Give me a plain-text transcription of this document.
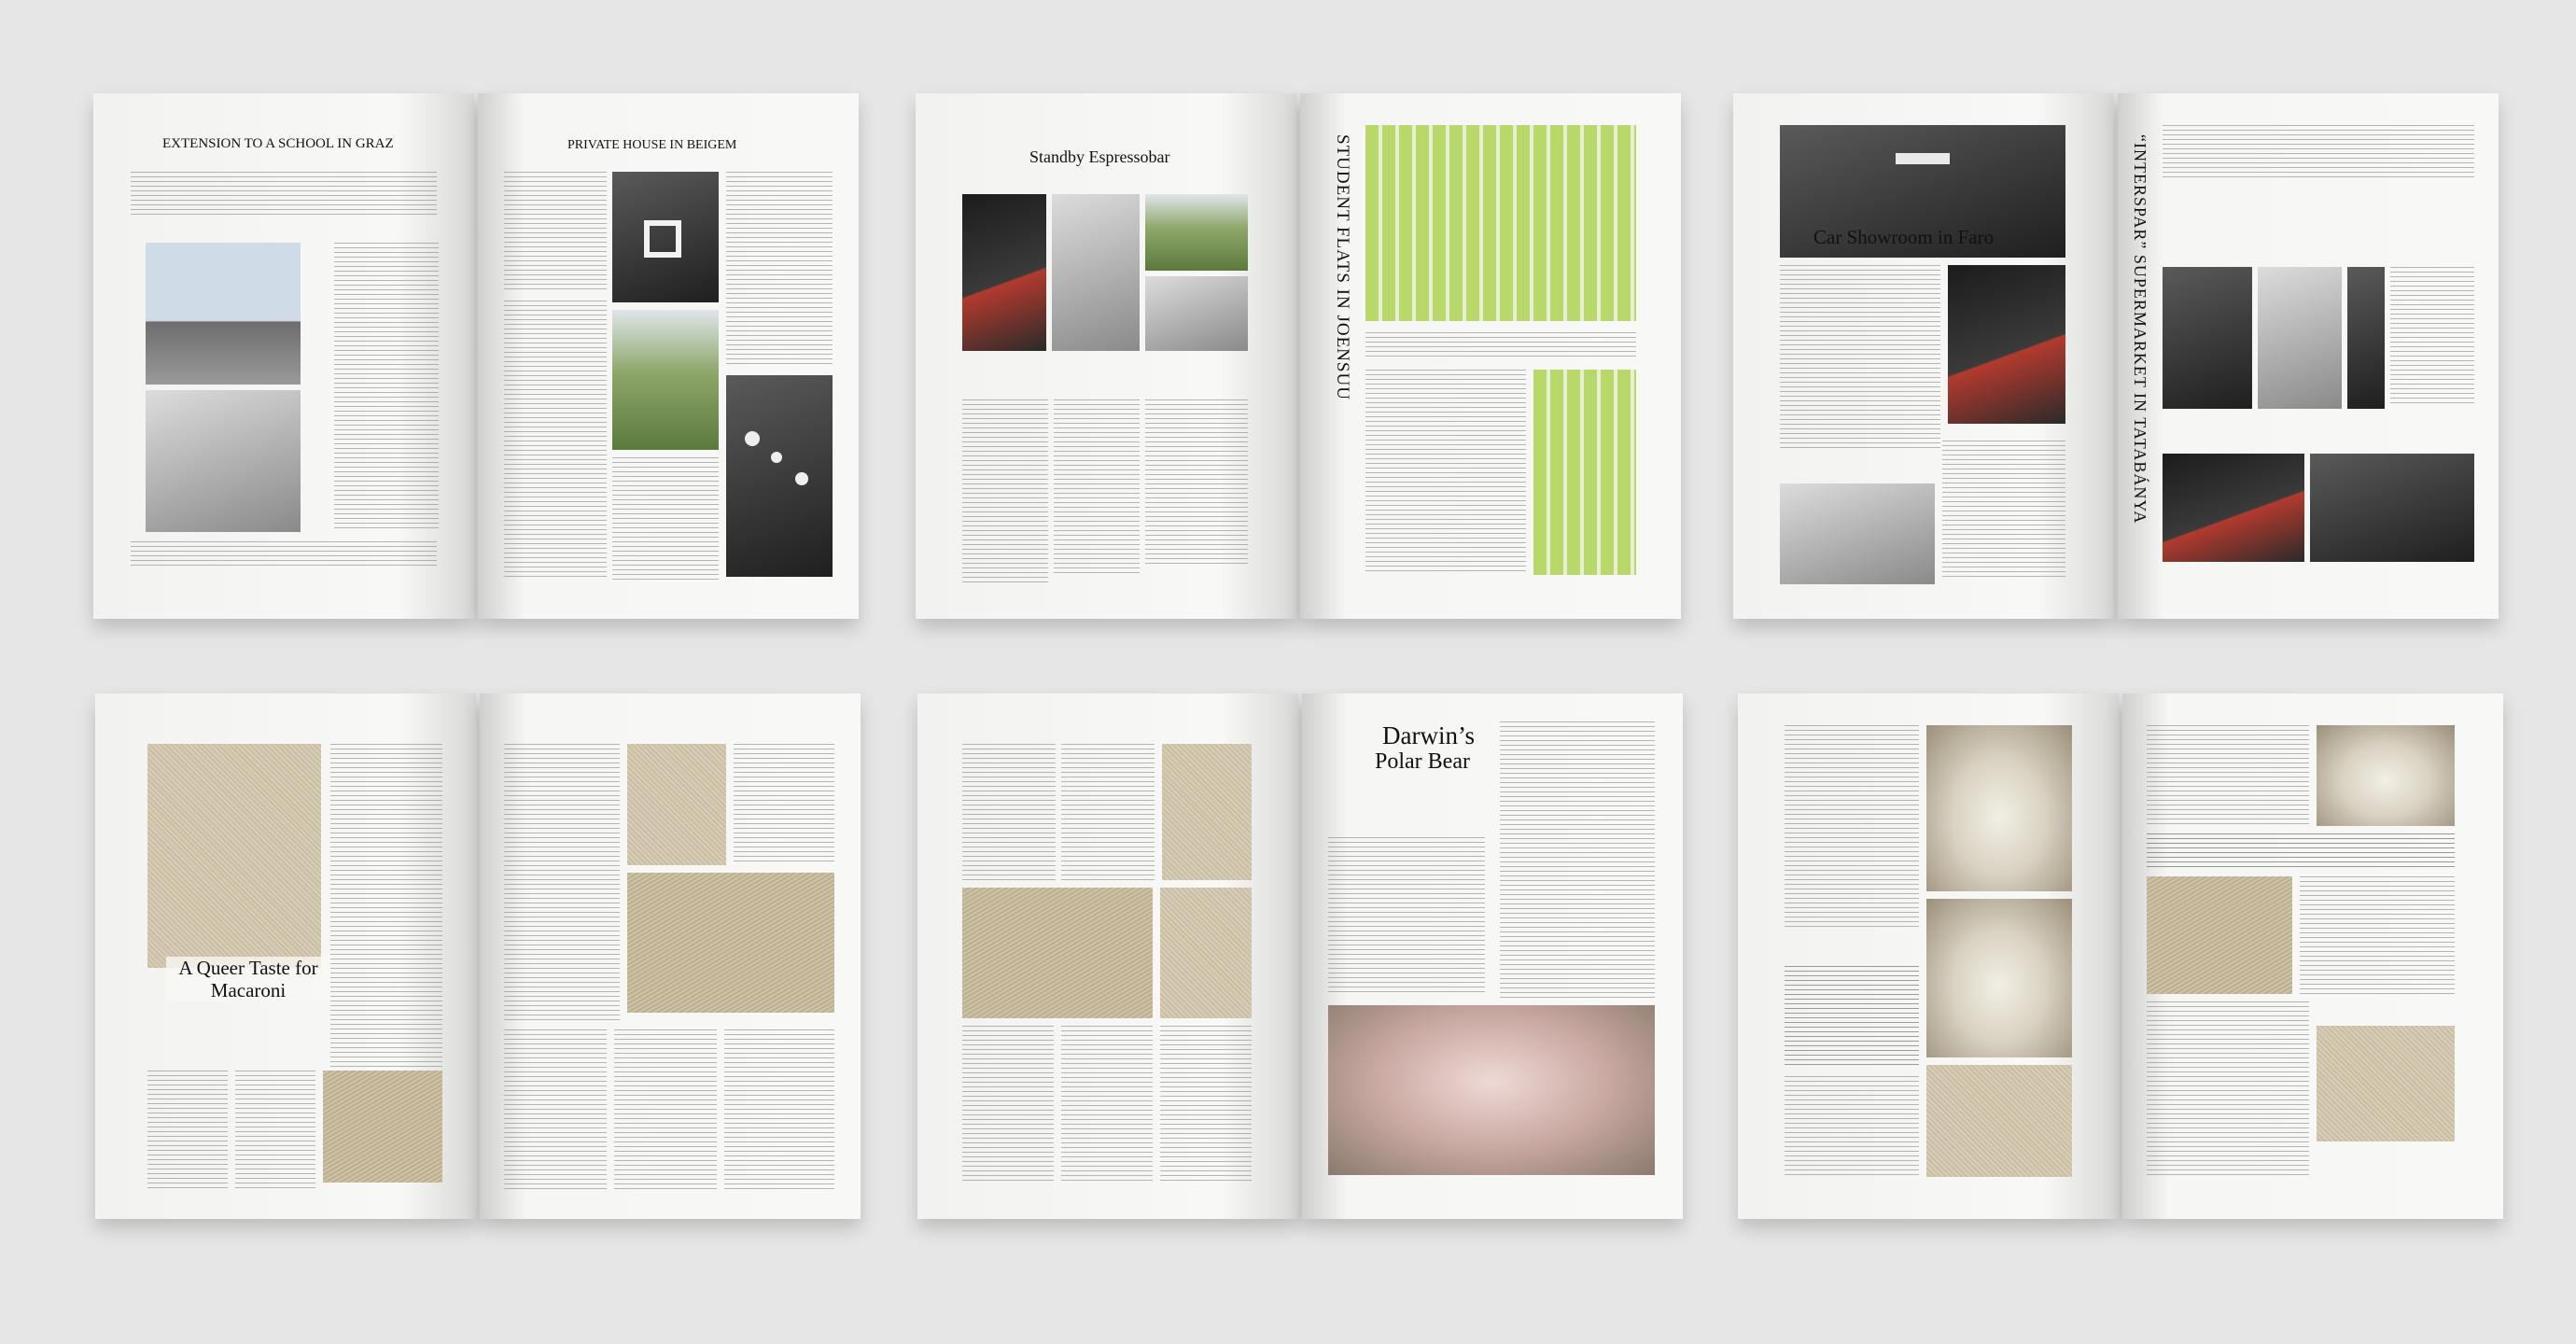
EXTENSION TO A SCHOOL IN GRAZ	PRIVATE HOUSE IN BEIGEM
Standby Espressobar	STUDENT FLATS IN JOENSUU	Car Showroom in Faro	“INTERSPAR” SUPERMARKET IN TATABÁNYA
A Queer Taste for Macaroni
Darwin’s
Polar Bear
